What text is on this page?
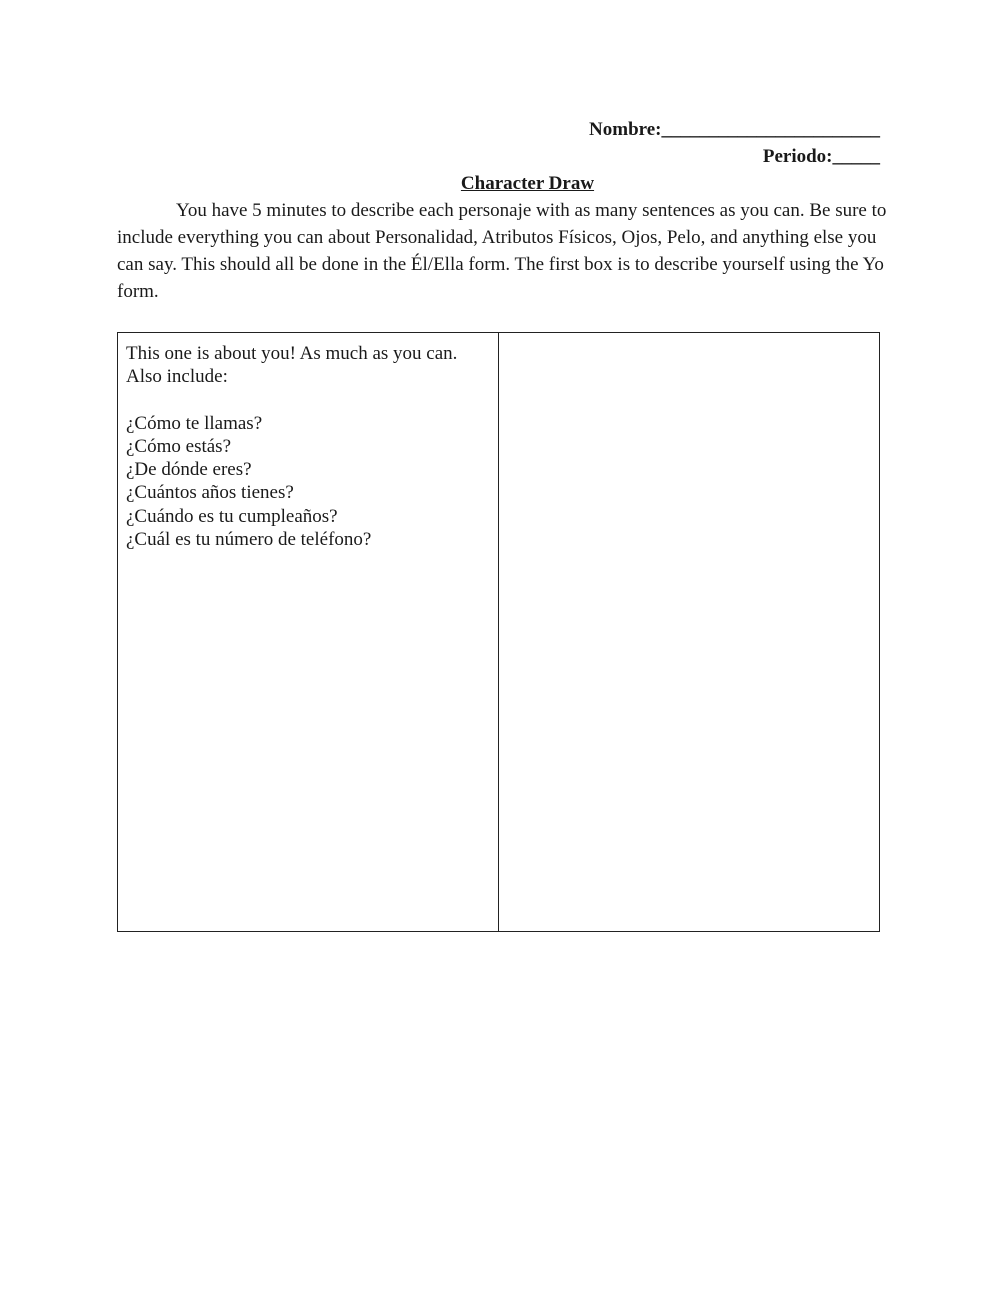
Nombre:_______________________
Periodo:_____
Character Draw

You have 5 minutes to describe each personaje with as many sentences as you can. Be sure to include everything you can about Personalidad, Atributos Físicos, Ojos, Pelo, and anything else you can say. This should all be done in the Él/Ella form. The first box is to describe yourself using the Yo form.

This one is about you! As much as you can.

Also include:

¿Cómo te llamas?

¿Cómo estás?

¿De dónde eres?

¿Cuántos años tienes?

¿Cuándo es tu cumpleaños?

¿Cuál es tu número de teléfono?
